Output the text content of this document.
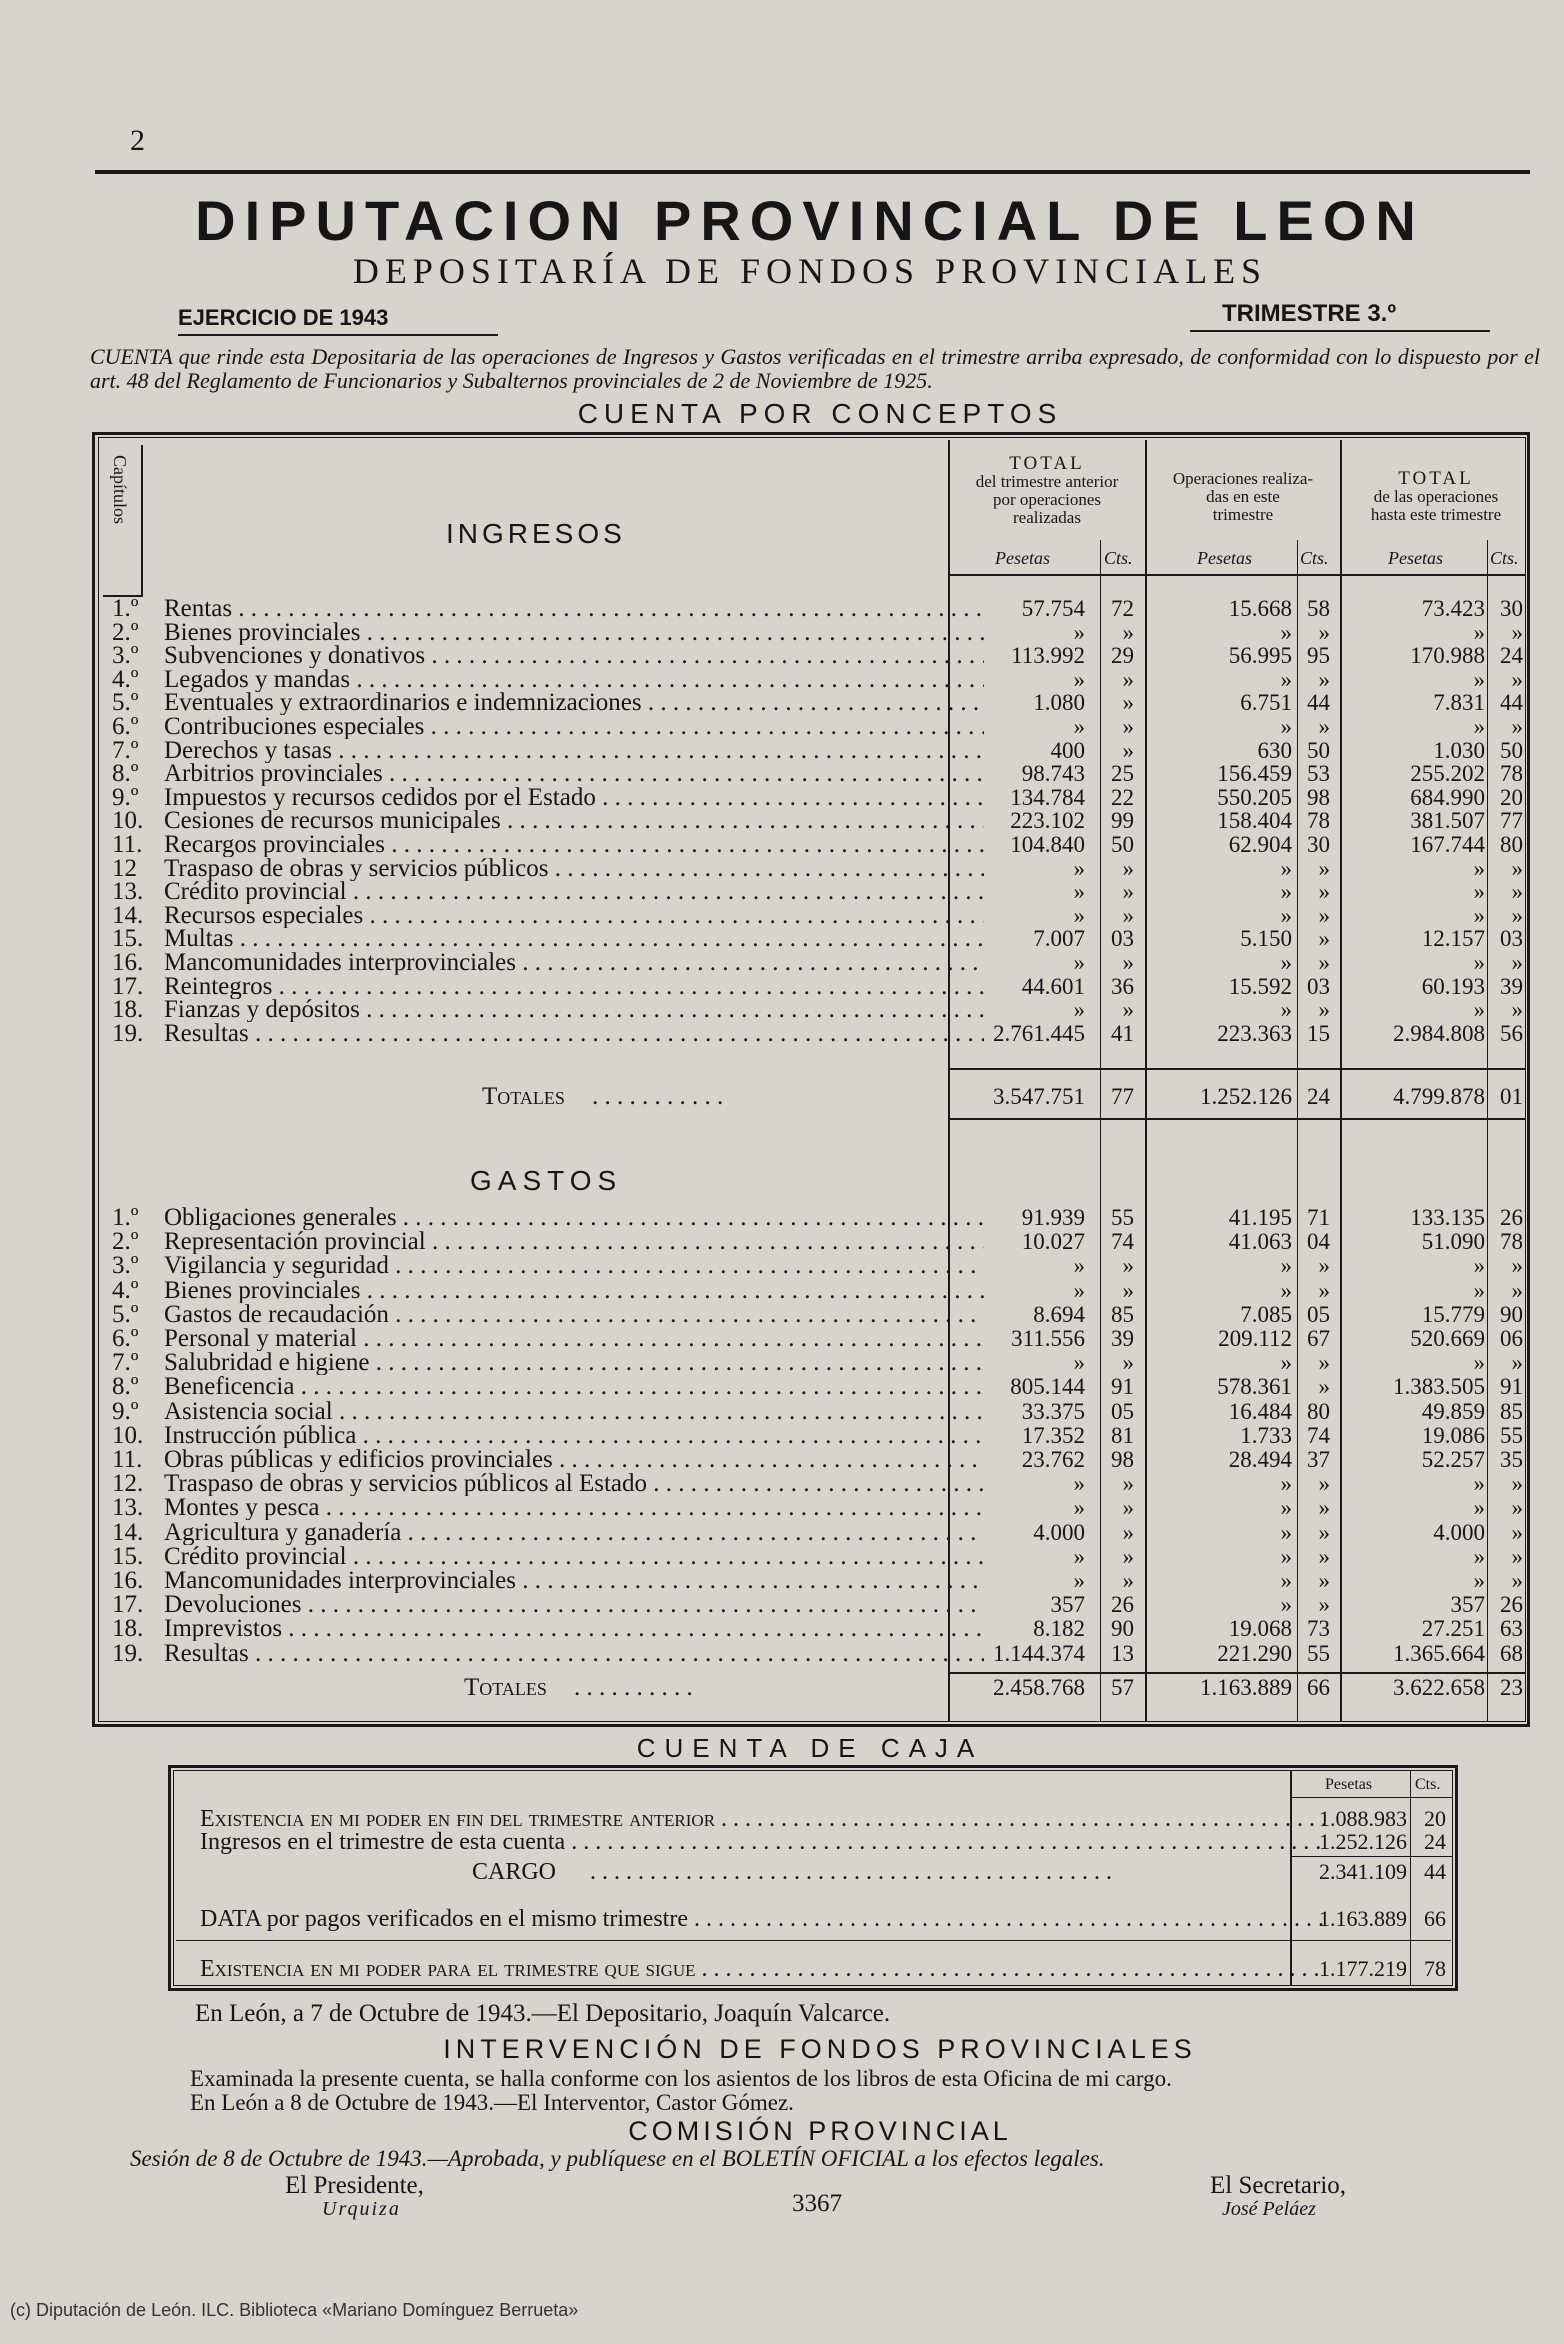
2
DIPUTACION PROVINCIAL DE LEON
DEPOSITARÍA DE FONDOS PROVINCIALES
EJERCICIO DE 1943	TRIMESTRE 3.º
CUENTA que rinde esta Depositaria de las operaciones de Ingresos y Gastos verificadas en el trimestre arriba expresado, de conformidad con lo dispuesto por el art. 48 del Reglamento de Funcionarios y Subalternos provinciales de 2 de Noviembre de 1925.
CUENTA POR CONCEPTOS
Capítulos	TOTAL
del trimestre anterior
por operaciones
realizadas
Operaciones realiza-
das en este
trimestre
TOTAL
de las operaciones
hasta este trimestre
Pesetas	Cts.	Pesetas	Cts.	Pesetas	Cts.
INGRESOS
1.º	Rentas . . .	57.754	72	15.668 58	73.423 30
2.º	Bienes provinciales . . .	»	»	»	»	»	»
3.º	Subvenciones y donativos . . .	113.992	29	56.995 95	170.988 24
4.º	Legados y mandas . . .	»	»	»	»	»	»
5.º	Eventuales y extraordinarios e indemnizaciones . . .	1.080	»	6.751 44	7.831 44
6.º	Contribuciones especiales . . .	»	»	»	»	»	»
7.º	Derechos y tasas . . .	400	»	630 50	1.030 50
8.º	Arbitrios provinciales . . .	98.743	25	156.459 53	255.202 78
9.º	Impuestos y recursos cedidos por el Estado . . .	134.784	22	550.205 98	684.990 20
10. Cesiones de recursos municipales . . .	223.102	99	158.404 78	381.507 77
11. Recargos provinciales . . .	104.840	50	62.904 30	167.744 80
12	Traspaso de obras y servicios públicos . . .	»	»	»	»	»	»
13. Crédito provincial . . .	»	»	»	»	»	»
14. Recursos especiales . . .	»	»	»	»	»	»
15. Multas . . .	7.007	03	5.150	»	12.157 03
16. Mancomunidades interprovinciales . . .	»	»	»	»	»	»
17. Reintegros . . .	44.601	36	15.592 03	60.193 39
18. Fianzas y depósitos . . .	»	»	»	»	»	»
19. Resultas . . .	2.761.445	41	223.363 15	2.984.808 56
Totales . . . . . . . . . . .	3.547.751	77	1.252.126 24	4.799.878 01
GASTOS
1.º	Obligaciones generales . . .	91.939	55	41.195 71	133.135 26
2.º	Representación provincial . . .	10.027	74	41.063 04	51.090 78
3.º	Vigilancia y seguridad . . .	»	»	»	»	»	»
4.º	Bienes provinciales . . .	»	»	»	»	»	»
5.º	Gastos de recaudación . . .	8.694	85	7.085 05	15.779 90
6.º	Personal y material . . .	311.556	39	209.112 67	520.669 06
7.º	Salubridad e higiene . . .	»	»	»	»	»	»
8.º	Beneficencia . . .	805.144	91	578.361	»	1.383.505 91
9.º	Asistencia social . . .	33.375	05	16.484 80	49.859 85
10. Instrucción pública . . .	17.352	81	1.733 74	19.086 55
11. Obras públicas y edificios provinciales . . .	23.762	98	28.494 37	52.257 35
12. Traspaso de obras y servicios públicos al Estado . . .	»	»	»	»	»	»
13. Montes y pesca . . .	»	»	»	»	»	»
14. Agricultura y ganadería . . .	4.000	»	»	»	4.000	»
15. Crédito provincial . . .	»	»	»	»	»	»
16. Mancomunidades interprovinciales . . .	»	»	»	»	»	»
17. Devoluciones . . .	357	26	»	»	357 26
18. Imprevistos . . .	8.182	90	19.068 73	27.251 63
19. Resultas . . .	1.144.374	13	221.290 55	1.365.664 68
Totales . . . . . . . . . .	2.458.768	57	1.163.889 66	3.622.658 23
CUENTA DE CAJA
Pesetas	Cts.
Existencia en mi poder en fin del trimestre anterior . . .	1.088.983 20
Ingresos en el trimestre de esta cuenta . . .	1.252.126 24
CARGO	. . . . . . . . . . . . . . . . . . . . . . . . . . . . . . . . . . . . . . . . . . . .	2.341.109 44
DATA por pagos verificados en el mismo trimestre . . .	1.163.889 66
Existencia en mi poder para el trimestre que sigue . . .	1.177.219 78
En León, a 7 de Octubre de 1943.—El Depositario, Joaquín Valcarce.
INTERVENCIÓN DE FONDOS PROVINCIALES
Examinada la presente cuenta, se halla conforme con los asientos de los libros de esta Oficina de mi cargo.
En León a 8 de Octubre de 1943.—El Interventor, Castor Gómez.
COMISIÓN PROVINCIAL
Sesión de 8 de Octubre de 1943.—Aprobada, y publíquese en el BOLETÍN OFICIAL a los efectos legales.
El Presidente,
Urquiza	3367
El Secretario,
José Peláez
(c) Diputación de León. ILC. Biblioteca «Mariano Domínguez Berrueta»
